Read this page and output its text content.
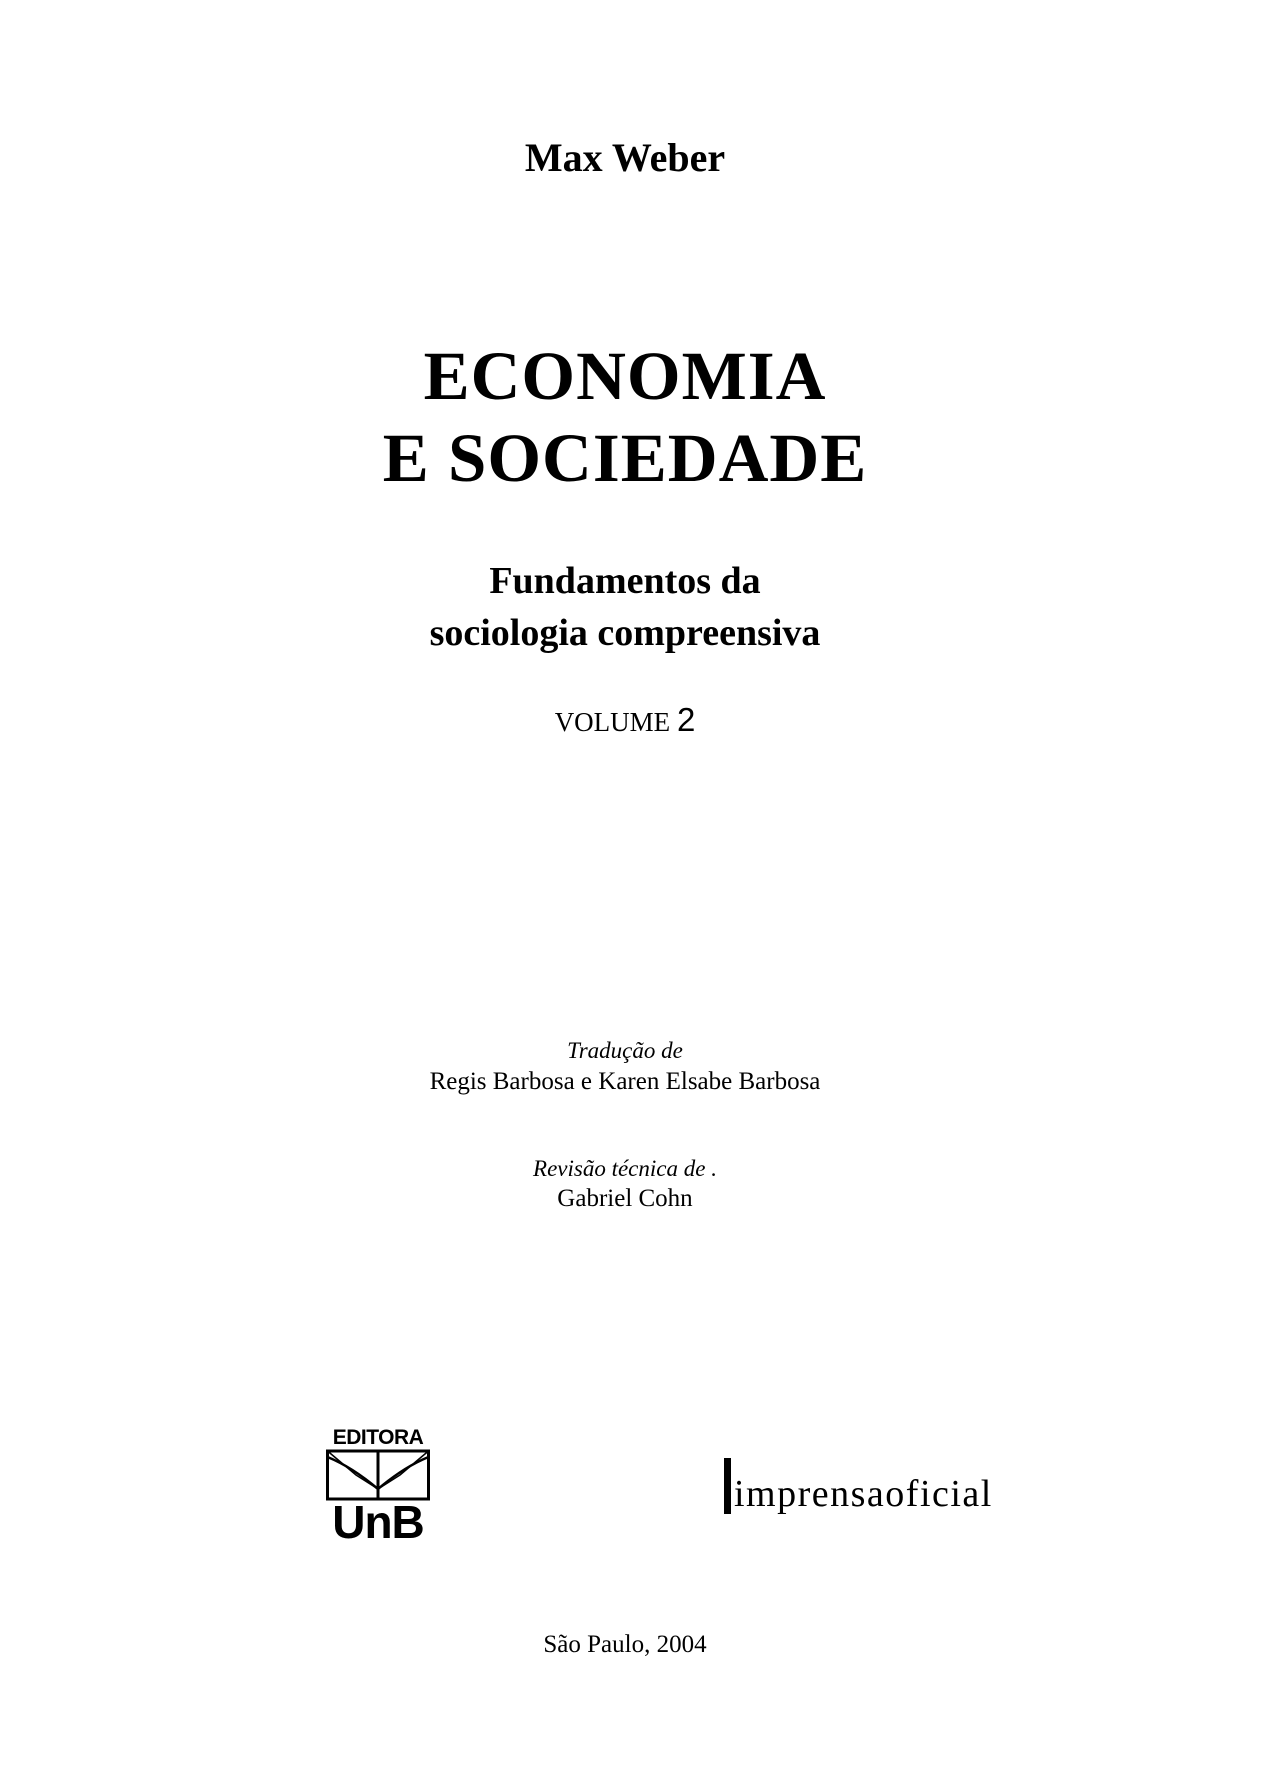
Max Weber
ECONOMIA
E SOCIEDADE
Fundamentos da
sociologia compreensiva
VOLUME 2
Tradução de
Regis Barbosa e Karen Elsabe Barbosa
Revisão técnica de .
Gabriel Cohn
EDITORA
UnB
imprensaoficial
São Paulo, 2004
